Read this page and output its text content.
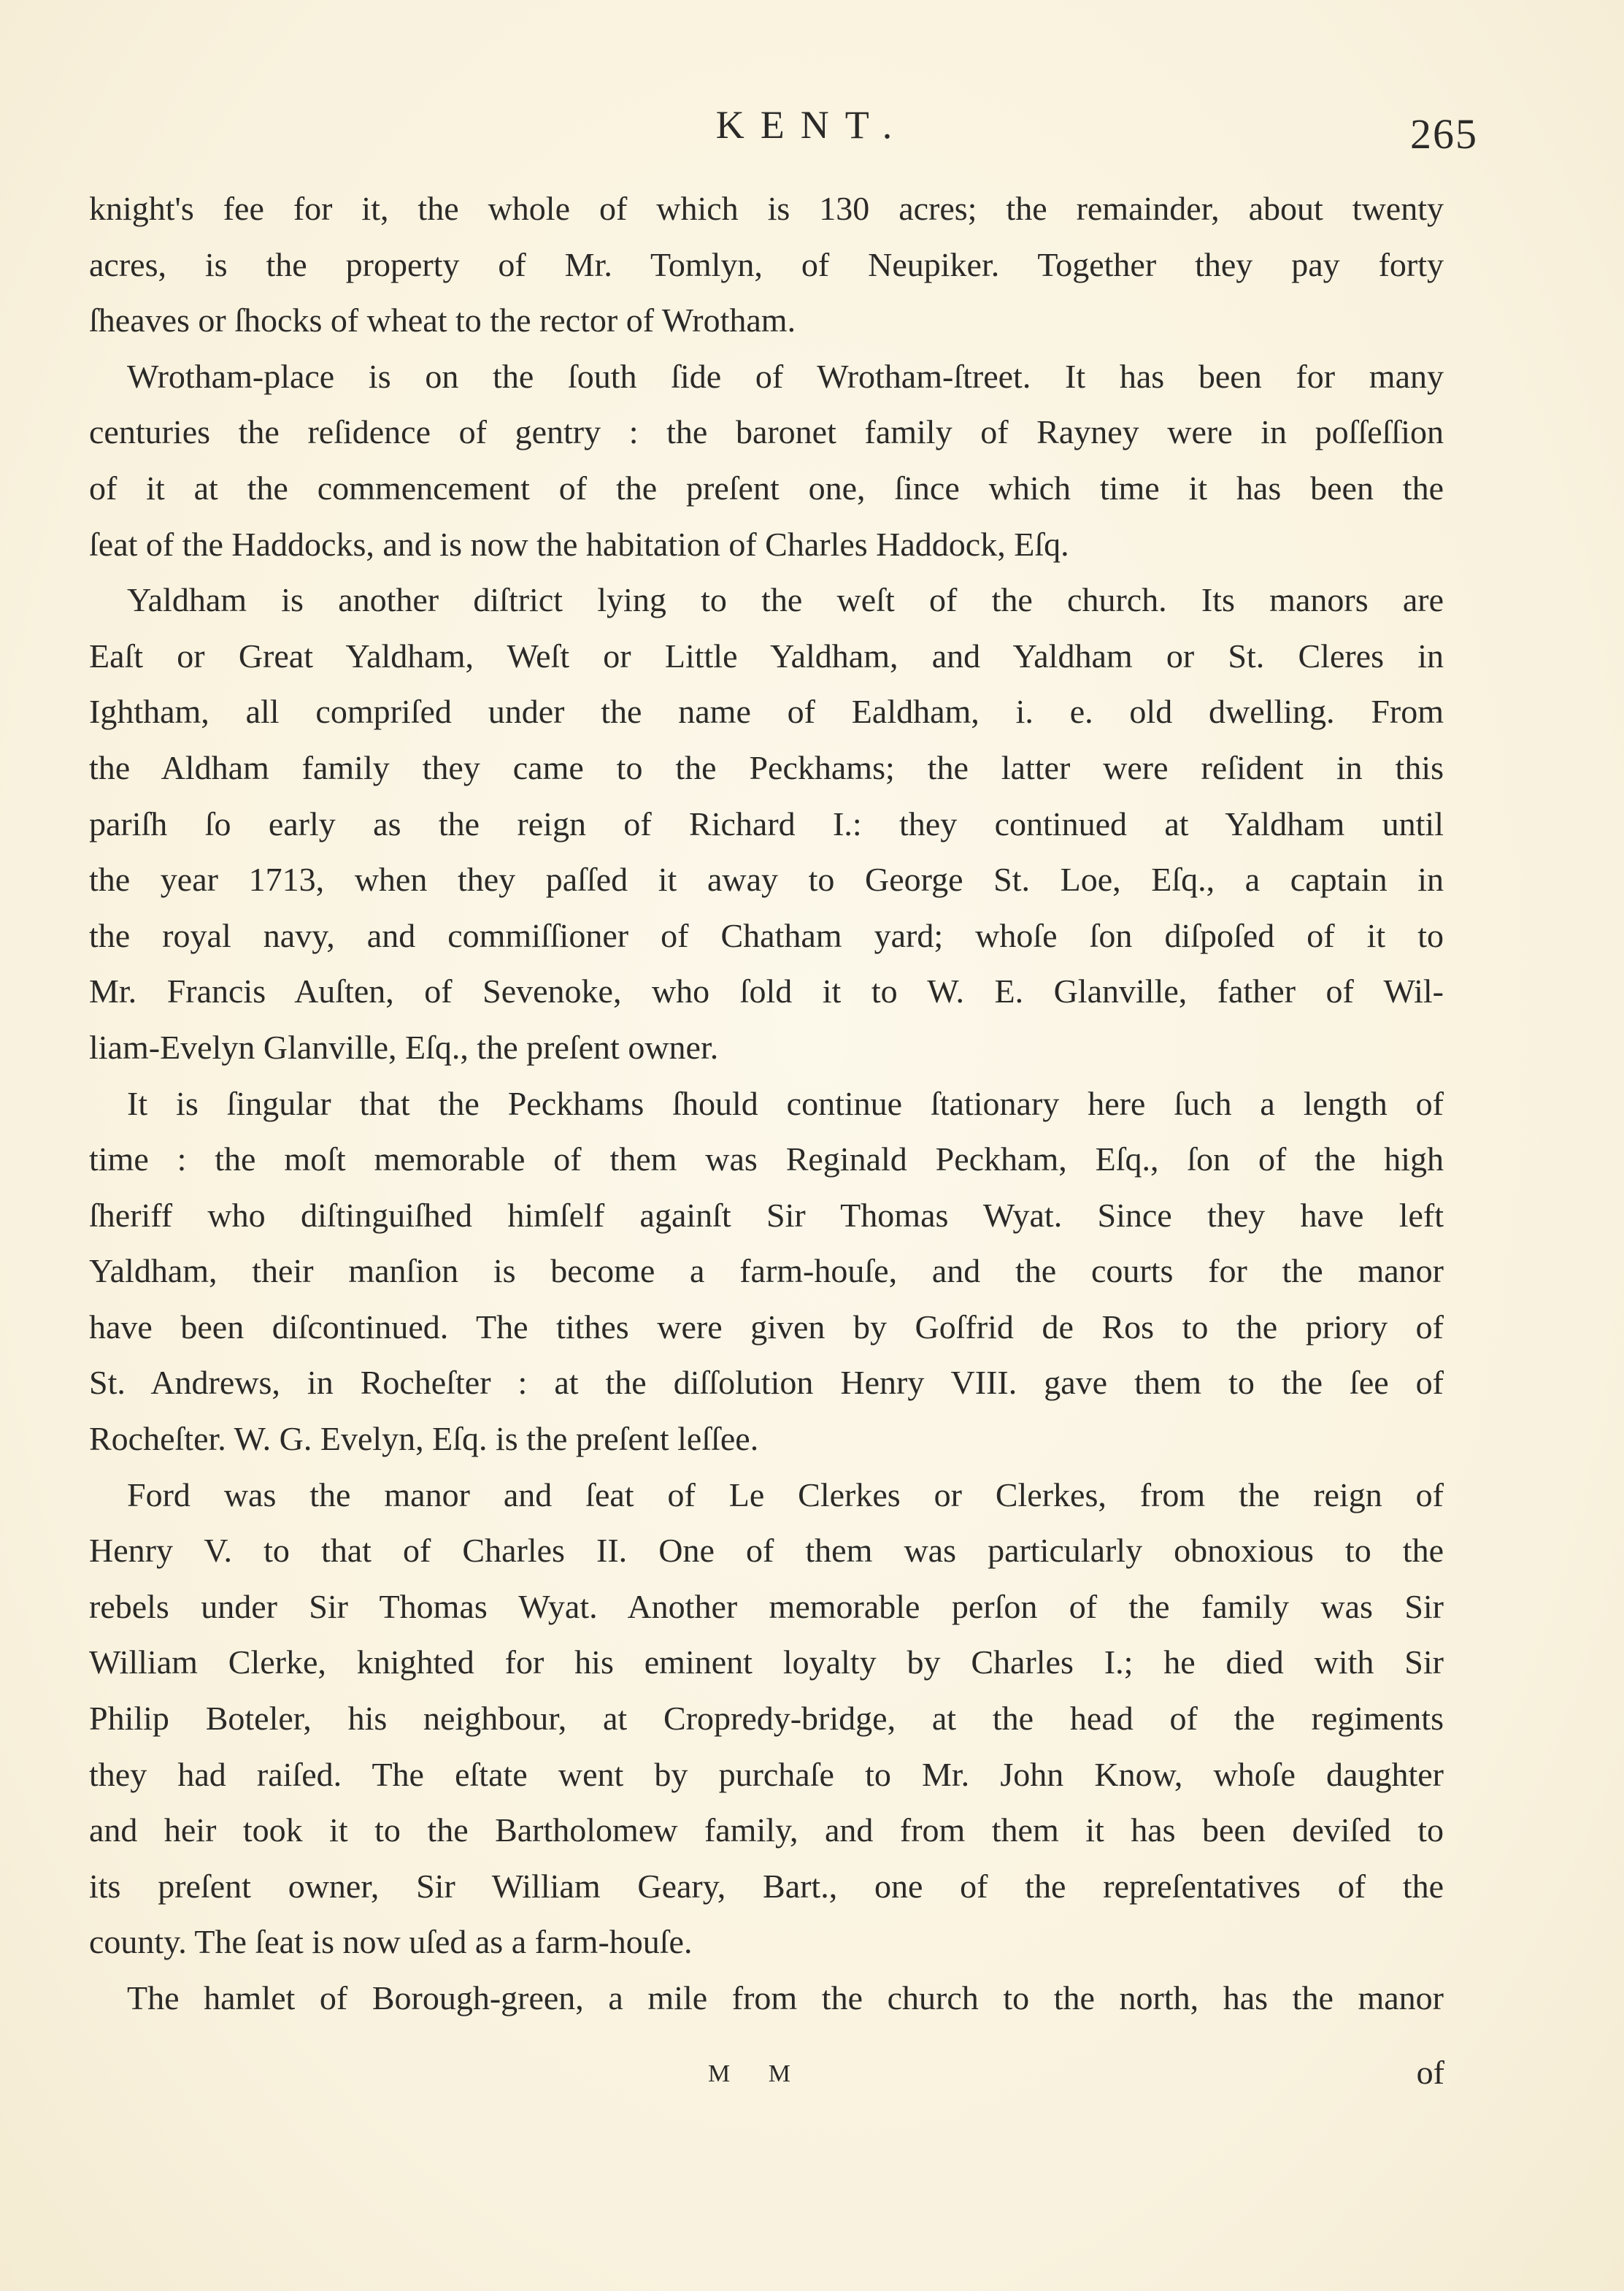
KENT.	265
knight's fee for it, the whole of which is 130 acres; the remainder, about twenty
acres, is the property of Mr. Tomlyn, of Neupiker. Together they pay forty
ſheaves or ſhocks of wheat to the rector of Wrotham.
Wrotham-place is on the ſouth ſide of Wrotham-ſtreet. It has been for many
centuries the reſidence of gentry : the baronet family of Rayney were in poſſeſſion
of it at the commencement of the preſent one, ſince which time it has been the
ſeat of the Haddocks, and is now the habitation of Charles Haddock, Eſq.
Yaldham is another diſtrict lying to the weſt of the church. Its manors are
Eaſt or Great Yaldham, Weſt or Little Yaldham, and Yaldham or St. Cleres in
Ightham, all compriſed under the name of Ealdham, i. e. old dwelling. From
the Aldham family they came to the Peckhams; the latter were reſident in this
pariſh ſo early as the reign of Richard I.: they continued at Yaldham until
the year 1713, when they paſſed it away to George St. Loe, Eſq., a captain in
the royal navy, and commiſſioner of Chatham yard; whoſe ſon diſpoſed of it to
Mr. Francis Auſten, of Sevenoke, who ſold it to W. E. Glanville, father of Wil-
liam-Evelyn Glanville, Eſq., the preſent owner.
It is ſingular that the Peckhams ſhould continue ſtationary here ſuch a length of
time : the moſt memorable of them was Reginald Peckham, Eſq., ſon of the high
ſheriff who diſtinguiſhed himſelf againſt Sir Thomas Wyat. Since they have left
Yaldham, their manſion is become a farm-houſe, and the courts for the manor
have been diſcontinued. The tithes were given by Goſfrid de Ros to the priory of
St. Andrews, in Rocheſter : at the diſſolution Henry VIII. gave them to the ſee of
Rocheſter. W. G. Evelyn, Eſq. is the preſent leſſee.
Ford was the manor and ſeat of Le Clerkes or Clerkes, from the reign of
Henry V. to that of Charles II. One of them was particularly obnoxious to the
rebels under Sir Thomas Wyat. Another memorable perſon of the family was Sir
William Clerke, knighted for his eminent loyalty by Charles I.; he died with Sir
Philip Boteler, his neighbour, at Cropredy-bridge, at the head of the regiments
they had raiſed. The eſtate went by purchaſe to Mr. John Know, whoſe daughter
and heir took it to the Bartholomew family, and from them it has been deviſed to
its preſent owner, Sir William Geary, Bart., one of the repreſentatives of the
county. The ſeat is now uſed as a farm-houſe.
The hamlet of Borough-green, a mile from the church to the north, has the manor
M M	of
